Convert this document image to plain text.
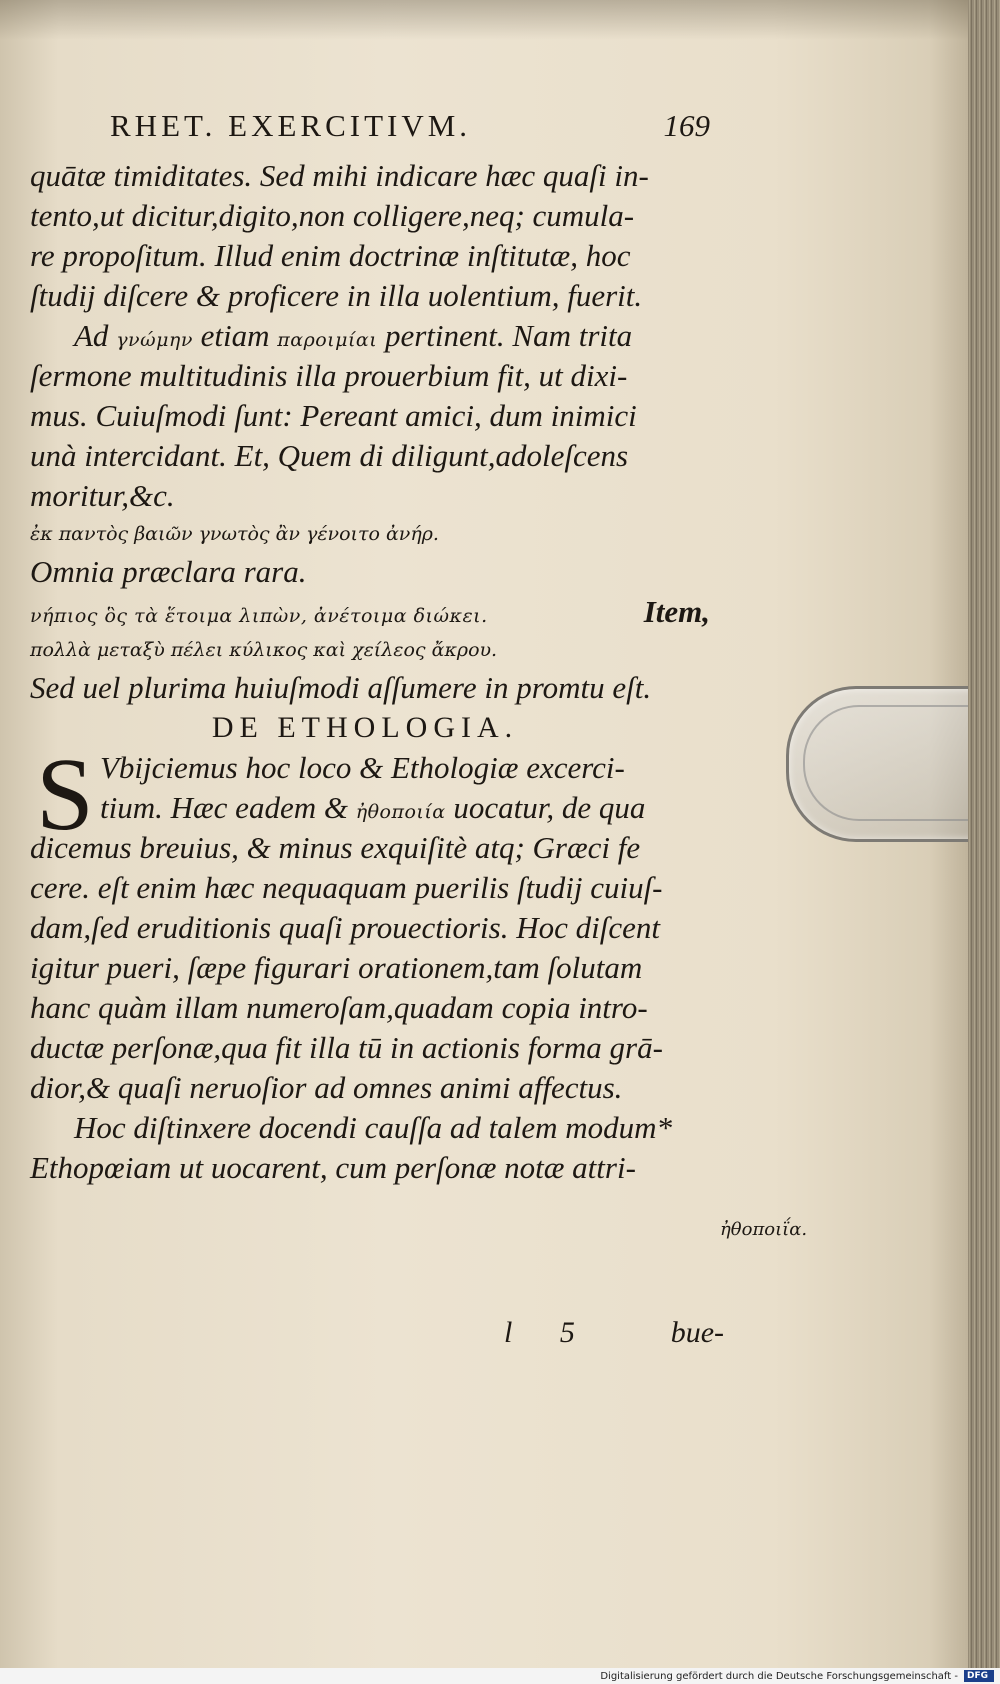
RHET. EXERCITIVM.	169
quātæ timiditates. Sed mihi indicare hæc quaſi in-
tento,ut dicitur,digito,non colligere,neq; cumula-
re propoſitum. Illud enim doctrinæ inſtitutæ, hoc
ſtudij diſcere & proficere in illa uolentium, fuerit.
Ad γνώμην etiam παροιμίαι pertinent. Nam trita
ſermone multitudinis illa prouerbium fit, ut dixi-
mus. Cuiuſmodi ſunt: Pereant amici, dum inimici
unà intercidant. Et, Quem di diligunt,adoleſcens
moritur,&c.
ἐκ παντὸς βαιῶν γνωτὸς ἂν γένοιτο ἀνήρ.
Omnia præclara rara.
νήπιος ὃς τὰ ἕτοιμα λιπὼν, ἀνέτοιμα διώκει.	Item,
πολλὰ μεταξὺ πέλει κύλικος καὶ χείλεος ἄκρου.
Sed uel plurima huiuſmodi aſſumere in promtu eſt.
DE ETHOLOGIA.
S Vbijciemus hoc loco & Ethologiæ excerci-
tium. Hæc eadem & ἠθοποιία uocatur, de qua
dicemus breuius, & minus exquiſitè atq; Græci fe
cere. eſt enim hæc nequaquam puerilis ſtudij cuiuſ-
dam,ſed eruditionis quaſi prouectioris. Hoc diſcent
igitur pueri, ſæpe figurari orationem,tam ſolutam
hanc quàm illam numeroſam,quadam copia intro-
ductæ perſonæ,qua fit illa tū in actionis forma grā-
dior,& quaſi neruoſior ad omnes animi affectus.
Hoc diſtinxere docendi cauſſa ad talem modum*
Ethopœiam ut uocarent, cum perſonæ notæ attri-
ἠθοποιΐα.
l 5	bue-
Digitalisierung gefördert durch die Deutsche Forschungsgemeinschaft -	DFG
